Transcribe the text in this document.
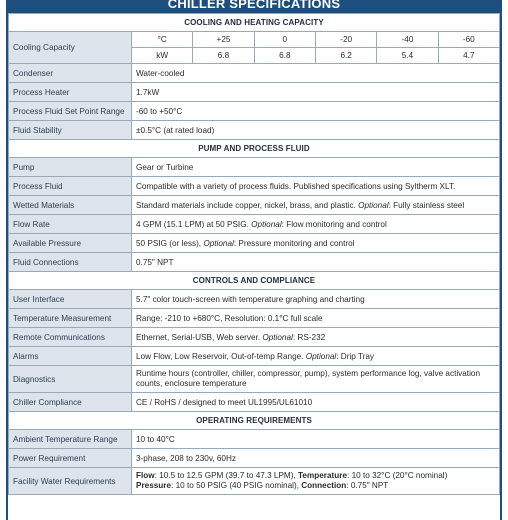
CHILLER SPECIFICATIONS
COOLING AND HEATING CAPACITY						
Cooling Capacity	°C	+25	0	-20	-40	-60
	kW	6.8	6.8	6.2	5.4	4.7
Condenser	Water-cooled					
Process Heater	1.7kW					
Process Fluid Set Point Range	-60 to +50°C					
Fluid Stability	±0.5°C (at rated load)					
PUMP AND PROCESS FLUID						
Pump	Gear or Turbine					
Process Fluid	Compatible with a variety of process fluids. Published specifications using Syltherm XLT.					
Wetted Materials	Standard materials include copper, nickel, brass, and plastic. Optional: Fully stainless steel					
Flow Rate	4 GPM (15.1 LPM) at 50 PSIG. Optional: Flow monitoring and control					
Available Pressure	50 PSIG (or less), Optional: Pressure monitoring and control					
Fluid Connections	0.75" NPT					
CONTROLS AND COMPLIANCE						
User Interface	5.7" color touch-screen with temperature graphing and charting					
Temperature Measurement	Range: -210 to +680°C, Resolution: 0.1°C full scale					
Remote Communications	Ethernet, Serial-USB, Web server. Optional: RS-232					
Alarms	Low Flow, Low Reservoir, Out-of-temp Range. Optional: Drip Tray					
Diagnostics	Runtime hours (controller, chiller, compressor, pump), system performance log, valve activation counts, enclosure temperature					
Chiller Compliance	CE / RoHS / designed to meet UL1995/UL61010					
OPERATING REQUIREMENTS						
Ambient Temperature Range	10 to 40°C					
Power Requirement	3-phase, 208 to 230v, 60Hz					
Facility Water Requirements	Flow: 10.5 to 12.5 GPM (39.7 to 47.3 LPM), Temperature: 10 to 32°C (20°C nominal)
Pressure: 10 to 50 PSIG (40 PSIG nominal), Connection: 0.75" NPT					
